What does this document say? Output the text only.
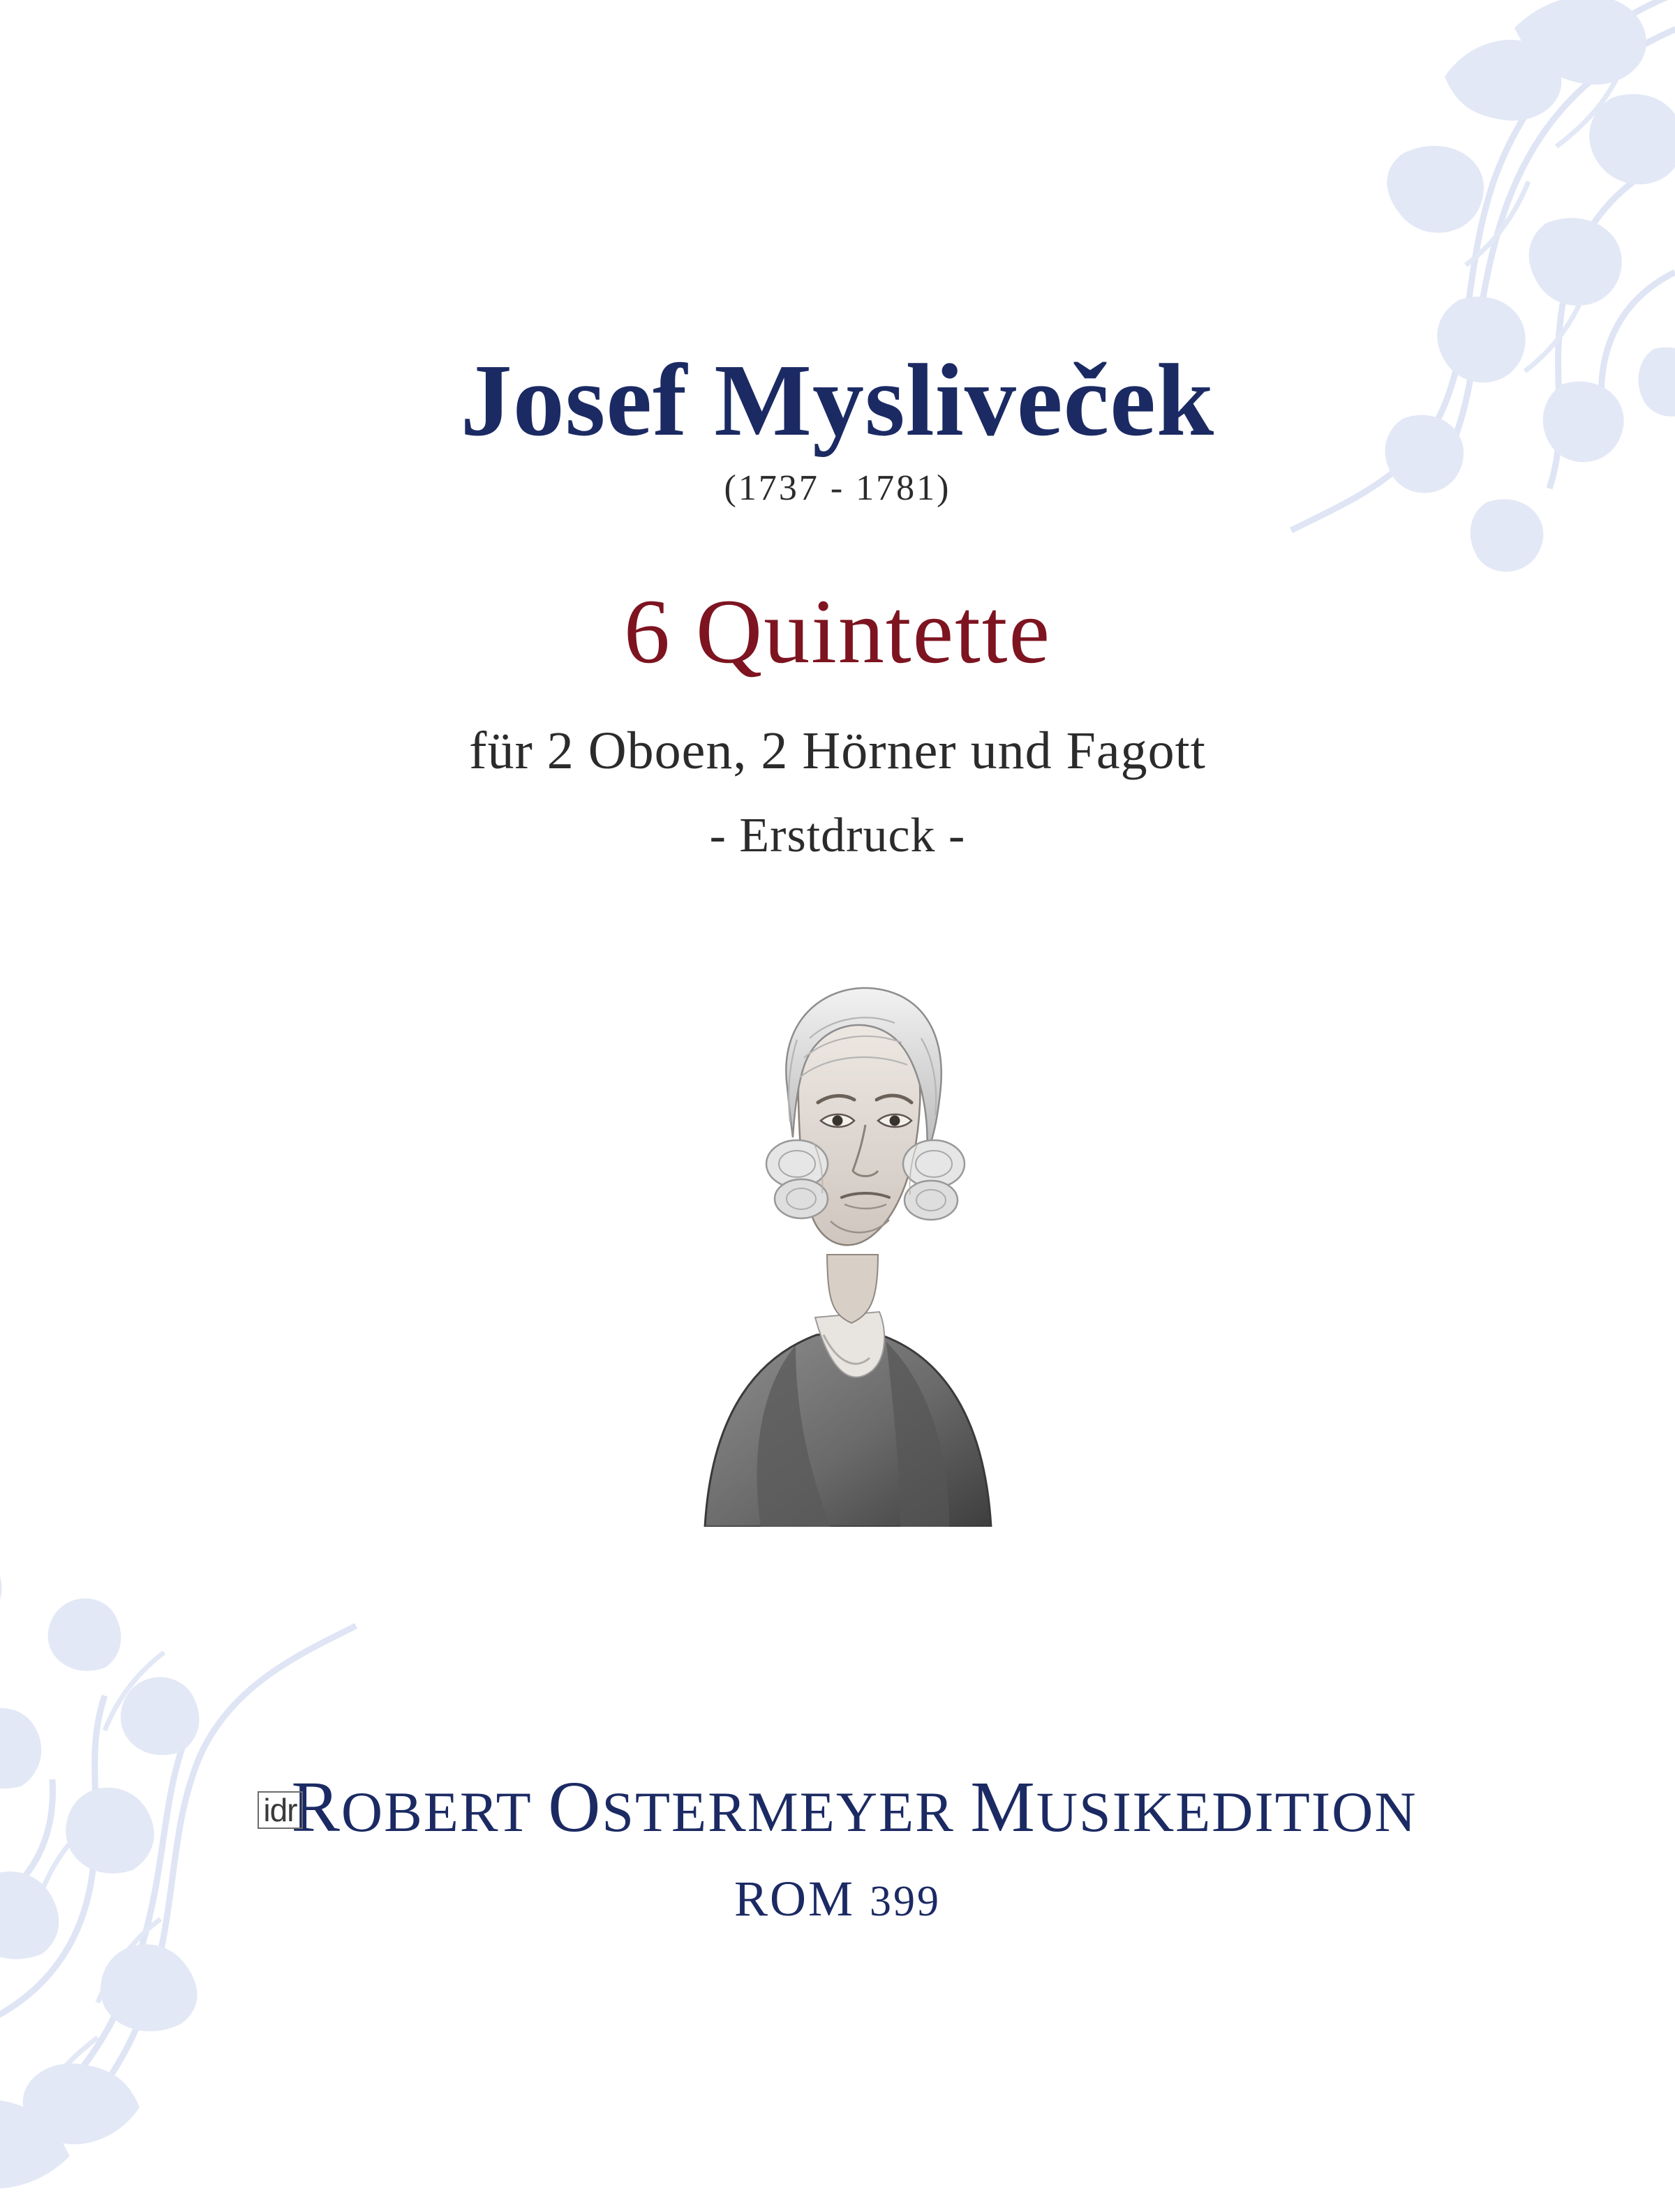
Josef Mysliveček
(1737 - 1781)
6 Quintette
für 2 Oboen, 2 Hörner und Fagott
- Erstdruck -
idr
ROBERT OSTERMEYER MUSIKEDITION
ROM 399
